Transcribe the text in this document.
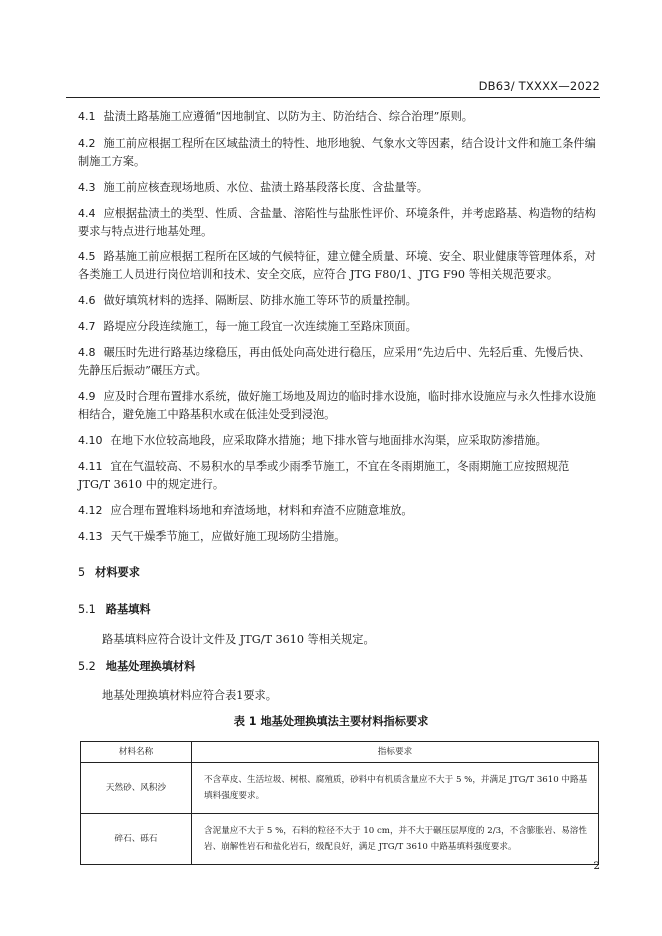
DB63/ TXXXX—2022
4.1 盐渍土路基施工应遵循“因地制宜、以防为主、防治结合、综合治理”原则。
4.2 施工前应根据工程所在区域盐渍土的特性、地形地貌、气象水文等因素，结合设计文件和施工条件编制施工方案。
4.3 施工前应核查现场地质、水位、盐渍土路基段落长度、含盐量等。
4.4 应根据盐渍土的类型、性质、含盐量、溶陷性与盐胀性评价、环境条件，并考虑路基、构造物的结构要求与特点进行地基处理。
4.5 路基施工前应根据工程所在区域的气候特征，建立健全质量、环境、安全、职业健康等管理体系，对各类施工人员进行岗位培训和技术、安全交底，应符合 JTG F80/1、JTG F90 等相关规范要求。
4.6 做好填筑材料的选择、隔断层、防排水施工等环节的质量控制。
4.7 路堤应分段连续施工，每一施工段宜一次连续施工至路床顶面。
4.8 碾压时先进行路基边缘稳压，再由低处向高处进行稳压，应采用“先边后中、先轻后重、先慢后快、先静压后振动”碾压方式。
4.9 应及时合理布置排水系统，做好施工场地及周边的临时排水设施，临时排水设施应与永久性排水设施相结合，避免施工中路基积水或在低洼处受到浸泡。
4.10 在地下水位较高地段，应采取降水措施；地下排水管与地面排水沟渠，应采取防渗措施。
4.11 宜在气温较高、不易积水的旱季或少雨季节施工，不宜在冬雨期施工，冬雨期施工应按照规范 JTG/T 3610 中的规定进行。
4.12 应合理布置堆料场地和弃渣场地，材料和弃渣不应随意堆放。
4.13 天气干燥季节施工，应做好施工现场防尘措施。
5 材料要求
5.1 路基填料
路基填料应符合设计文件及 JTG/T 3610 等相关规定。
5.2 地基处理换填材料
地基处理换填材料应符合表1要求。
表 1 地基处理换填法主要材料指标要求
材料名称	指标要求
天然砂、风积沙	不含草皮、生活垃圾、树根、腐殖质，砂料中有机质含量应不大于 5 %，并满足 JTG/T 3610 中路基填料强度要求。
碎石、砾石	含泥量应不大于 5 %，石料的粒径不大于 10 cm，并不大于碾压层厚度的 2/3，不含膨胀岩、易溶性岩、崩解性岩石和盐化岩石，级配良好，满足 JTG/T 3610 中路基填料强度要求。
2
